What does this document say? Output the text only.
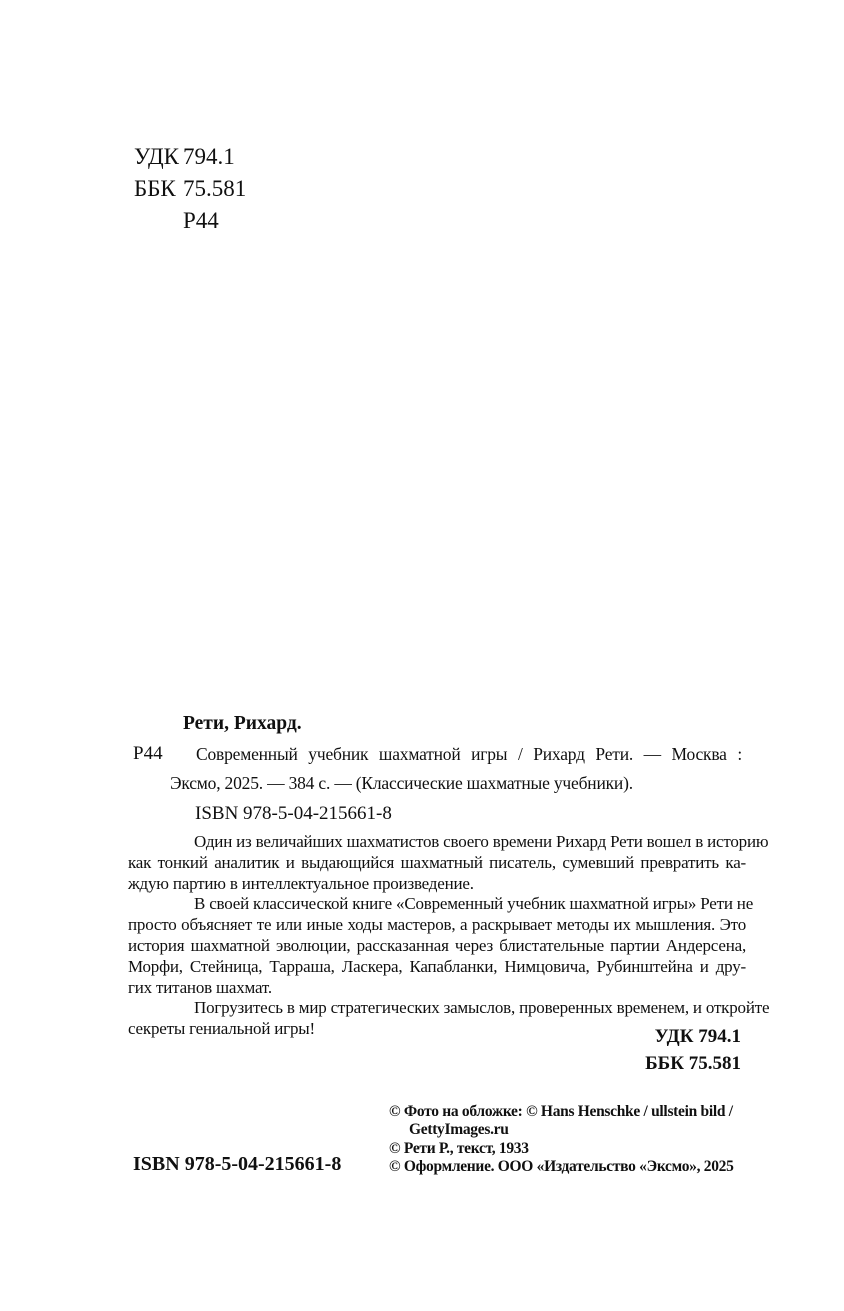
УДК 794.1
ББК 75.581
Р44
Рети, Рихард.
Р44	Современный учебник шахматной игры / Рихард Рети. — Москва :
Эксмо, 2025. — 384 с. — (Классические шахматные учебники).
ISBN 978-5-04-215661-8
Один из величайших шахматистов своего времени Рихард Рети вошел в историю
как тонкий аналитик и выдающийся шахматный писатель, сумевший превратить ка-
ждую партию в интеллектуальное произведение.
В своей классической книге «Современный учебник шахматной игры» Рети не
просто объясняет те или иные ходы мастеров, а раскрывает методы их мышления. Это
история шахматной эволюции, рассказанная через блистательные партии Андерсена,
Морфи, Стейница, Тарраша, Ласкера, Капабланки, Нимцовича, Рубинштейна и дру-
гих титанов шахмат.
Погрузитесь в мир стратегических замыслов, проверенных временем, и откройте
секреты гениальной игры!	УДК 794.1
ББК 75.581
ISBN 978-5-04-215661-8
© Фото на обложке: © Hans Henschke / ullstein bild /
GettyImages.ru
© Рети Р., текст, 1933
© Оформление. ООО «Издательство «Эксмо», 2025
